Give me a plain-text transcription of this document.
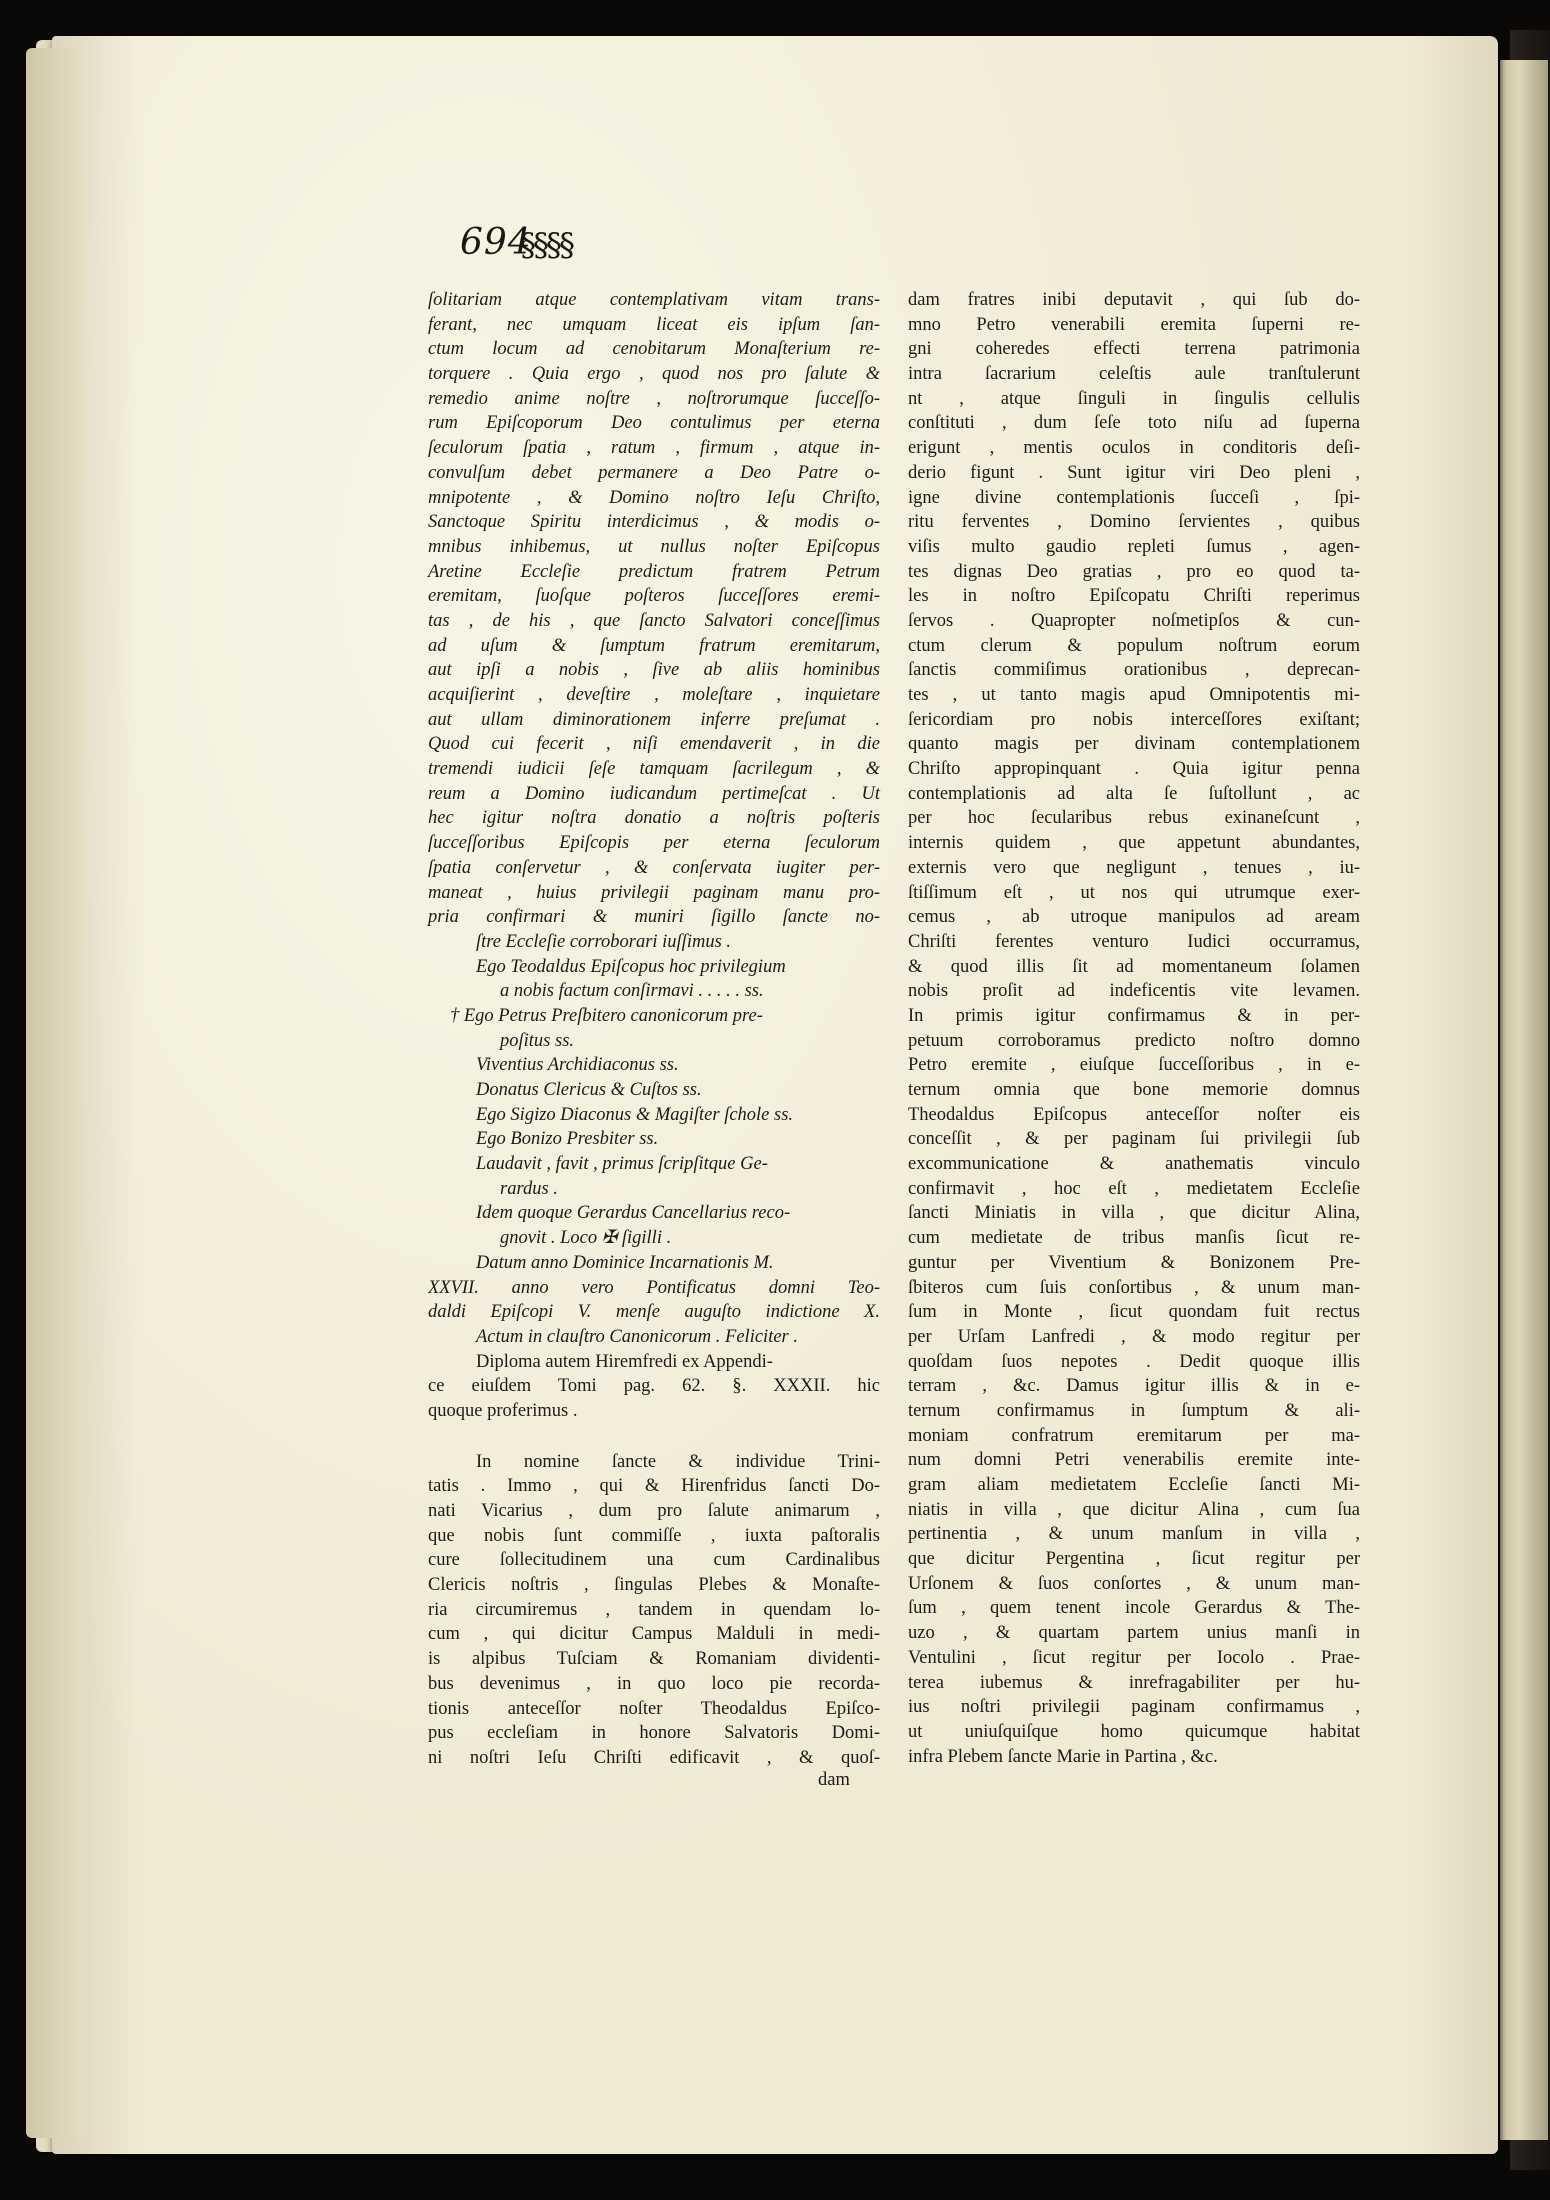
694
§§§§
ſolitariam atque contemplativam vitam trans-
ferant, nec umquam liceat eis ipſum ſan-
ctum locum ad cenobitarum Monaſterium re-
torquere . Quia ergo , quod nos pro ſalute &
remedio anime noſtre , noſtrorumque ſucceſſo-
rum Epiſcoporum Deo contulimus per eterna
ſeculorum ſpatia , ratum , firmum , atque in-
convulſum debet permanere a Deo Patre o-
mnipotente , & Domino noſtro Ieſu Chriſto,
Sanctoque Spiritu interdicimus , & modis o-
mnibus inhibemus, ut nullus noſter Epiſcopus
Aretine Eccleſie predictum fratrem Petrum
eremitam, ſuoſque poſteros ſucceſſores eremi-
tas , de his , que ſancto Salvatori conceſſimus
ad uſum & ſumptum fratrum eremitarum,
aut ipſi a nobis , ſive ab aliis hominibus
acquiſierint , deveſtire , moleſtare , inquietare
aut ullam diminorationem inferre preſumat .
Quod cui fecerit , niſi emendaverit , in die
tremendi iudicii ſeſe tamquam ſacrilegum , &
reum a Domino iudicandum pertimeſcat . Ut
hec igitur noſtra donatio a noſtris poſteris
ſucceſſoribus Epiſcopis per eterna ſeculorum
ſpatia conſervetur , & conſervata iugiter per-
maneat , huius privilegii paginam manu pro-
pria confirmari & muniri ſigillo ſancte no-
ſtre Eccleſie corroborari iuſſimus .
Ego Teodaldus Epiſcopus hoc privilegium
a nobis factum conſirmavi . . . . . ss.
† Ego Petrus Preſbitero canonicorum pre-
poſitus ss.
Viventius Archidiaconus ss.
Donatus Clericus & Cuſtos ss.
Ego Sigizo Diaconus & Magiſter ſchole ss.
Ego Bonizo Presbiter ss.
Laudavit , favit , primus ſcripſitque Ge-
rardus .
Idem quoque Gerardus Cancellarius reco-
gnovit . Loco ✠ ſigilli .
Datum anno Dominice Incarnationis M.
XXVII. anno vero Pontificatus domni Teo-
daldi Epiſcopi V. menſe auguſto indictione X.
Actum in clauſtro Canonicorum . Feliciter .
Diploma autem Hiremfredi ex Appendi-
ce eiuſdem Tomi pag. 62. §. XXXII. hic
quoque proferimus .
In nomine ſancte & individue Trini-
tatis . Immo , qui & Hirenfridus ſancti Do-
nati Vicarius , dum pro ſalute animarum ,
que nobis ſunt commiſſe , iuxta paſtoralis
cure ſollecitudinem una cum Cardinalibus
Clericis noſtris , ſingulas Plebes & Monaſte-
ria circumiremus , tandem in quendam lo-
cum , qui dicitur Campus Malduli in medi-
is alpibus Tuſciam & Romaniam dividenti-
bus devenimus , in quo loco pie recorda-
tionis anteceſſor noſter Theodaldus Epiſco-
pus eccleſiam in honore Salvatoris Domi-
ni noſtri Ieſu Chriſti edificavit , & quoſ-
dam fratres inibi deputavit , qui ſub do-
mno Petro venerabili eremita ſuperni re-
gni coheredes effecti terrena patrimonia
intra ſacrarium celeſtis aule tranſtulerunt
nt , atque ſinguli in ſingulis cellulis
conſtituti , dum ſeſe toto niſu ad ſuperna
erigunt , mentis oculos in conditoris deſi-
derio figunt . Sunt igitur viri Deo pleni ,
igne divine contemplationis ſucceſi , ſpi-
ritu ferventes , Domino ſervientes , quibus
viſis multo gaudio repleti ſumus , agen-
tes dignas Deo gratias , pro eo quod ta-
les in noſtro Epiſcopatu Chriſti reperimus
ſervos . Quapropter noſmetipſos & cun-
ctum clerum & populum noſtrum eorum
ſanctis commiſimus orationibus , deprecan-
tes , ut tanto magis apud Omnipotentis mi-
ſericordiam pro nobis interceſſores exiſtant;
quanto magis per divinam contemplationem
Chriſto appropinquant . Quia igitur penna
contemplationis ad alta ſe ſuſtollunt , ac
per hoc ſecularibus rebus exinaneſcunt ,
internis quidem , que appetunt abundantes,
externis vero que negligunt , tenues , iu-
ſtiſſimum eſt , ut nos qui utrumque exer-
cemus , ab utroque manipulos ad aream
Chriſti ferentes venturo Iudici occurramus,
& quod illis ſit ad momentaneum ſolamen
nobis proſit ad indeficentis vite levamen.
In primis igitur confirmamus & in per-
petuum corroboramus predicto noſtro domno
Petro eremite , eiuſque ſucceſſoribus , in e-
ternum omnia que bone memorie domnus
Theodaldus Epiſcopus anteceſſor noſter eis
conceſſit , & per paginam ſui privilegii ſub
excommunicatione & anathematis vinculo
confirmavit , hoc eſt , medietatem Eccleſie
ſancti Miniatis in villa , que dicitur Alina,
cum medietate de tribus manſis ſicut re-
guntur per Viventium & Bonizonem Pre-
ſbiteros cum ſuis conſortibus , & unum man-
ſum in Monte , ſicut quondam fuit rectus
per Urſam Lanfredi , & modo regitur per
quoſdam ſuos nepotes . Dedit quoque illis
terram , &c. Damus igitur illis & in e-
ternum confirmamus in ſumptum & ali-
moniam confratrum eremitarum per ma-
num domni Petri venerabilis eremite inte-
gram aliam medietatem Eccleſie ſancti Mi-
niatis in villa , que dicitur Alina , cum ſua
pertinentia , & unum manſum in villa ,
que dicitur Pergentina , ſicut regitur per
Urſonem & ſuos conſortes , & unum man-
ſum , quem tenent incole Gerardus & The-
uzo , & quartam partem unius manſi in
Ventulini , ſicut regitur per Iocolo . Prae-
terea iubemus & inrefragabiliter per hu-
ius noſtri privilegii paginam confirmamus ,
ut uniuſquiſque homo quicumque habitat
infra Plebem ſancte Marie in Partina , &c.
dam
